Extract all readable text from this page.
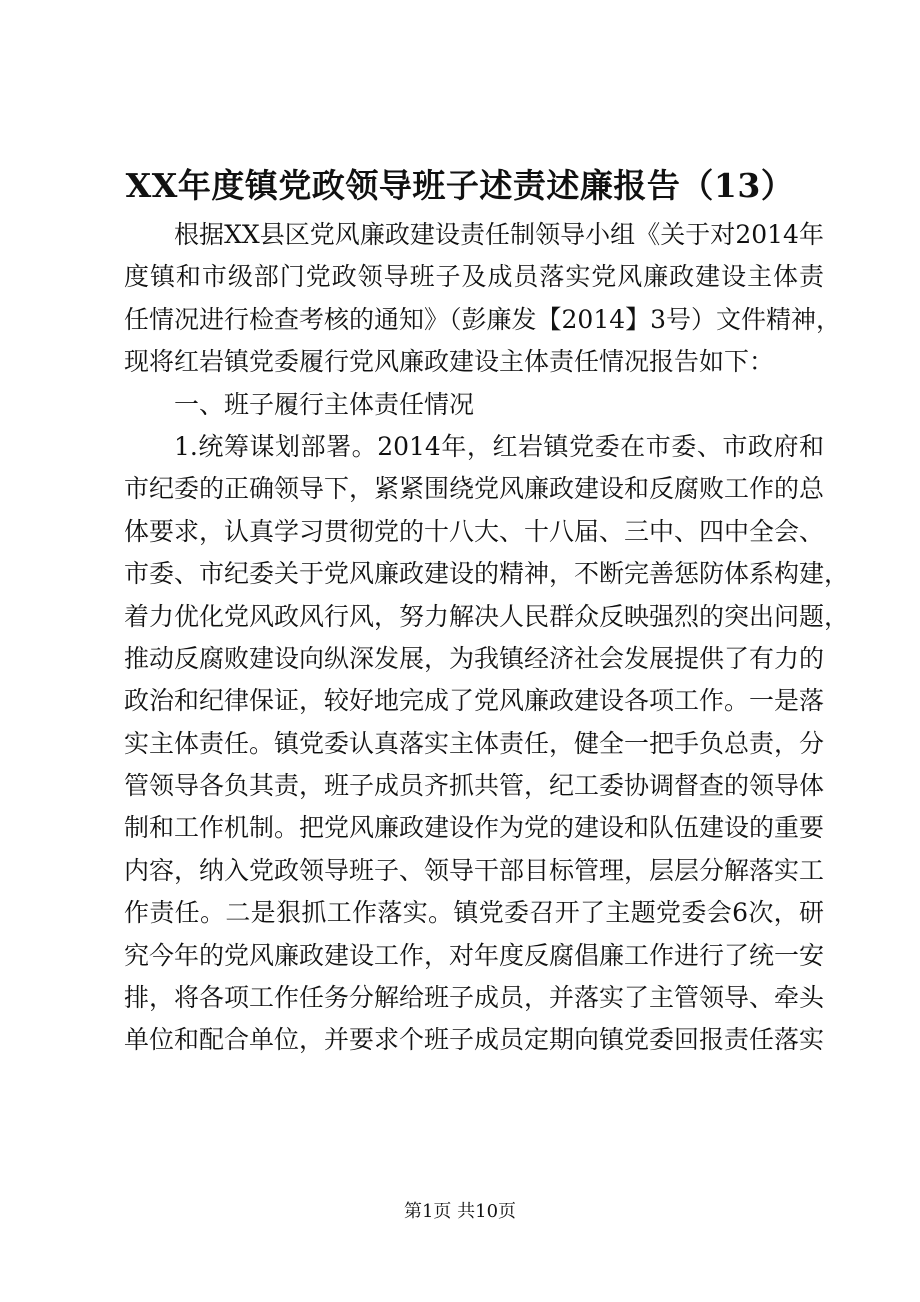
XX年度镇党政领导班子述责述廉报告（13）
根据XX县区党风廉政建设责任制领导小组《关于对2014年
度镇和市级部门党政领导班子及成员落实党风廉政建设主体责
任情况进行检查考核的通知》（彭廉发【2014】3号）文件精神，
现将红岩镇党委履行党风廉政建设主体责任情况报告如下：
一、班子履行主体责任情况
1.统筹谋划部署。2014年，红岩镇党委在市委、市政府和
市纪委的正确领导下，紧紧围绕党风廉政建设和反腐败工作的总
体要求，认真学习贯彻党的十八大、十八届、三中、四中全会、
市委、市纪委关于党风廉政建设的精神，不断完善惩防体系构建，
着力优化党风政风行风，努力解决人民群众反映强烈的突出问题，
推动反腐败建设向纵深发展，为我镇经济社会发展提供了有力的
政治和纪律保证，较好地完成了党风廉政建设各项工作。一是落
实主体责任。镇党委认真落实主体责任，健全一把手负总责，分
管领导各负其责，班子成员齐抓共管，纪工委协调督查的领导体
制和工作机制。把党风廉政建设作为党的建设和队伍建设的重要
内容，纳入党政领导班子、领导干部目标管理，层层分解落实工
作责任。二是狠抓工作落实。镇党委召开了主题党委会6次，研
究今年的党风廉政建设工作，对年度反腐倡廉工作进行了统一安
排，将各项工作任务分解给班子成员，并落实了主管领导、牵头
单位和配合单位，并要求个班子成员定期向镇党委回报责任落实
第1页 共10页
